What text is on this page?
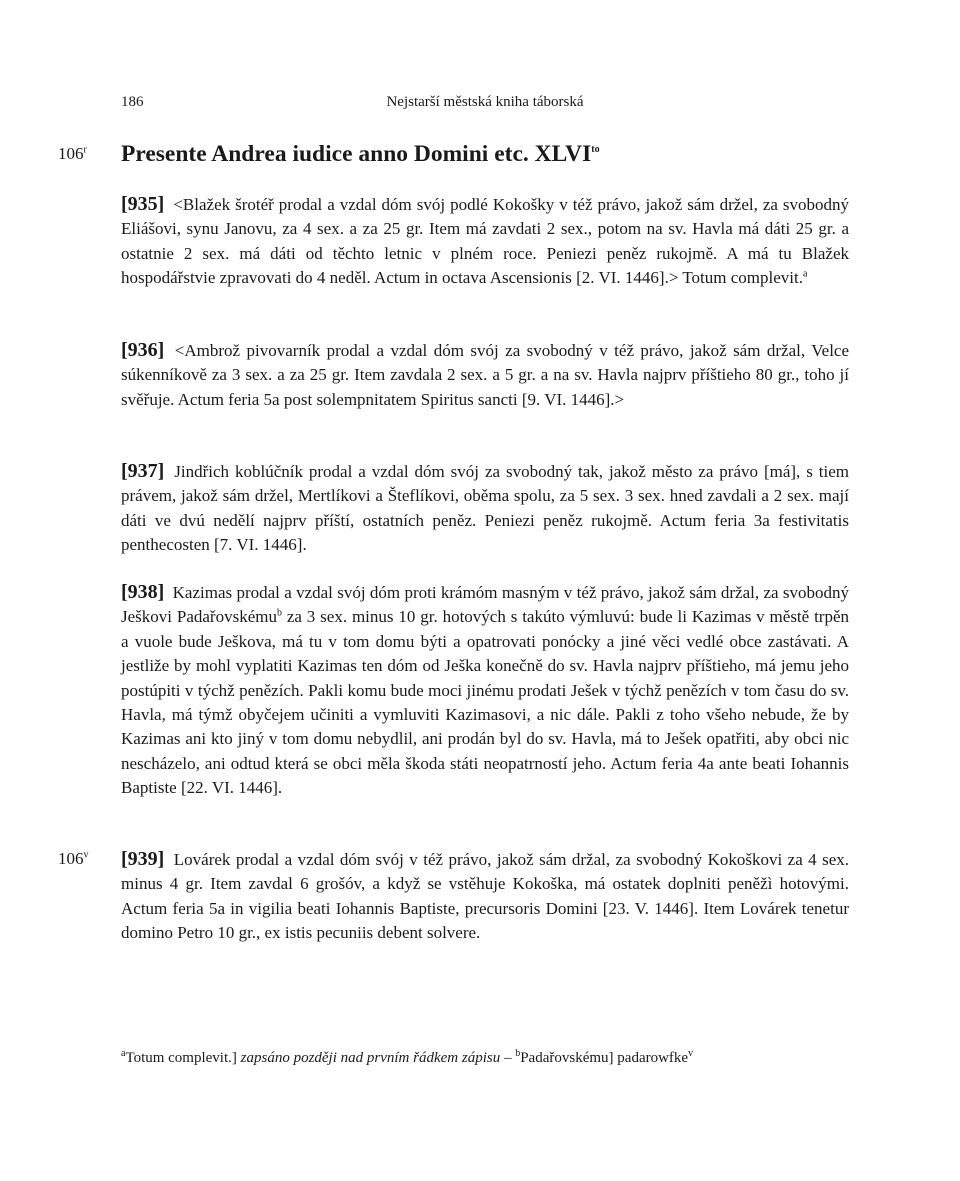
186	Nejstarší městská kniha táborská
106$^r$ Presente Andrea iudice anno Domini etc. $XLVI^{to}$
[935] <Blažek šrotéř prodal a vzdal dóm svój podlé Kokošky v též právo, jakož sám držel, za svobodný Eliášovi, synu Janovu, za 4 sex. a za 25 gr. Item má zavdati 2 sex., potom na sv. Havla má dáti 25 gr. a ostatnie 2 sex. má dáti od těchto letnic v plném roce. Peniezi peněz rukojmě. A má tu Blažek hospodářstvie zpravovati do 4 neděl. Actum in octava Ascensionis [2. VI. 1446].> Totum complevit.$^a$
[936] <Ambrož pivovarník prodal a vzdal dóm svój za svobodný v též právo, jakož sám držal, Velce súkenníkově za 3 sex. a za 25 gr. Item zavdala 2 sex. a 5 gr. a na sv. Havla najprv příštieho 80 gr., toho jí svěřuje. Actum feria 5a post solempnitatem Spiritus sancti [9. VI. 1446].>
[937] Jindřich koblúčník prodal a vzdal dóm svój za svobodný tak, jakož město za právo [má], s tiem právem, jakož sám držel, Mertlíkovi a Šteflíkovi, oběma spolu, za 5 sex. 3 sex. hned zavdali a 2 sex. mají dáti ve dvú nedělí najprv příští, ostatních peněz. Peniezi peněz rukojmě. Actum feria 3a festivitatis penthecosten [7. VI. 1446].
[938] Kazimas prodal a vzdal svój dóm proti krámóm masným v též právo, jakož sám držal, za svobodný Ješkovi Padařovskému$^b$ za 3 sex. minus 10 gr. hotových s takúto výmluvú: bude li Kazimas v městě trpěn a vuole bude Ješkova, má tu v tom domu býti a opatrovati ponócky a jiné věci vedlé obce zastávati. A jestliže by mohl vyplatiti Kazimas ten dóm od Ješka konečně do sv. Havla najprv příštieho, má jemu jeho postúpiti v týchž penězích. Pakli komu bude moci jinému prodati Ješek v týchž penězích v tom času do sv. Havla, má týmž obyčejem učiniti a vymluviti Kazimasovi, a nic dále. Pakli z toho všeho nebude, že by Kazimas ani kto jiný v tom domu nebydlil, ani prodán byl do sv. Havla, má to Ješek opatřiti, aby obci nic nescházelo, ani odtud která se obci měla škoda státi neopatrností jeho. Actum feria 4a ante beati Iohannis Baptiste [22. VI. 1446].
106$^v$ [939] Lovárek prodal a vzdal dóm svój v též právo, jakož sám držal, za svobodný Kokoškovi za 4 sex. minus 4 gr. Item zavdal 6 grošóv, a když se vstěhuje Kokoška, má ostatek doplniti peněžì hotovými. Actum feria 5a in vigilia beati Iohannis Baptiste, precursoris Domini [23. V. 1446]. Item Lovárek tenetur domino Petro 10 gr., ex istis pecuniis debent solvere.
$^a$Totum complevit.] zapsáno později nad prvním řádkem zápisu – $^b$Padařovskému] padarowfke$^v$
